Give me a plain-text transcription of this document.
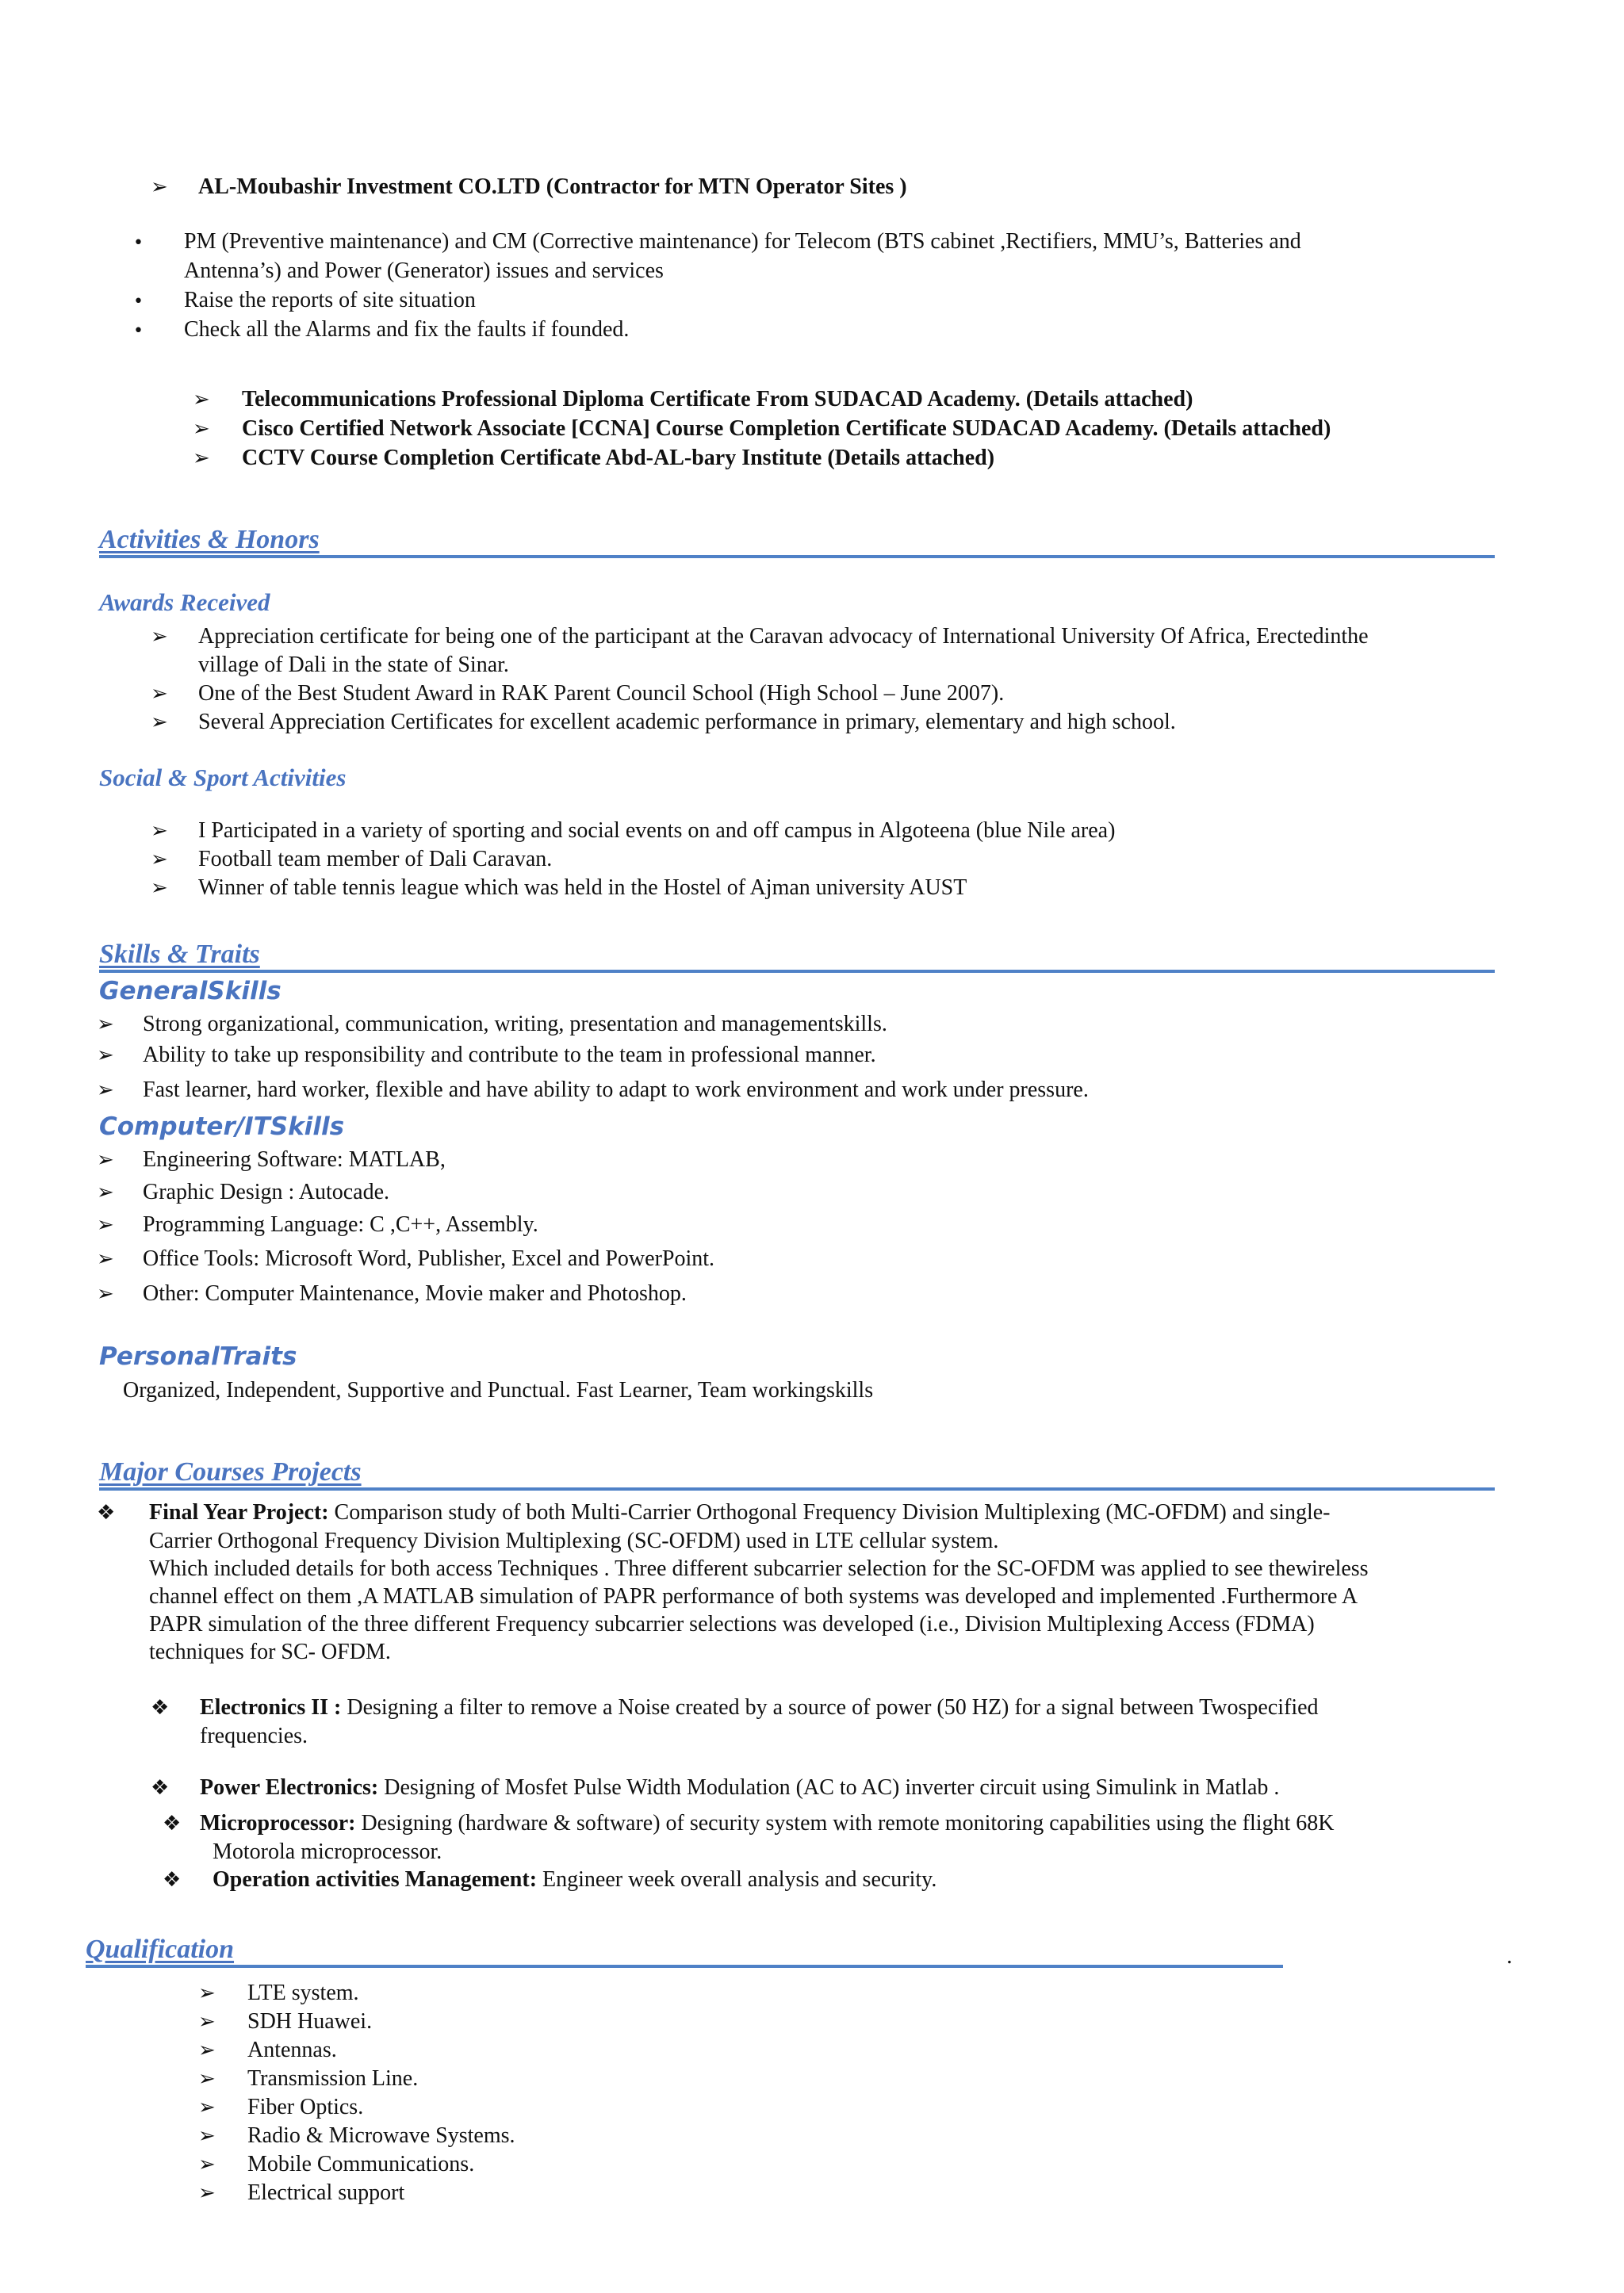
➢ AL-Moubashir Investment CO.LTD (Contractor for MTN Operator Sites )
• PM (Preventive maintenance) and CM (Corrective maintenance) for Telecom (BTS cabinet ,Rectifiers, MMU’s, Batteries and
Antenna’s) and Power (Generator) issues and services
• Raise the reports of site situation
• Check all the Alarms and fix the faults if founded.
➢ Telecommunications Professional Diploma Certificate From SUDACAD Academy. (Details attached)
➢ Cisco Certified Network Associate [CCNA] Course Completion Certificate SUDACAD Academy. (Details attached)
➢ CCTV Course Completion Certificate Abd-AL-bary Institute (Details attached)
Activities & Honors
Awards Received
➢ Appreciation certificate for being one of the participant at the Caravan advocacy of International University Of Africa, Erectedinthe
village of Dali in the state of Sinar.
➢ One of the Best Student Award in RAK Parent Council School (High School – June 2007).
➢ Several Appreciation Certificates for excellent academic performance in primary, elementary and high school.
Social & Sport Activities
➢ I Participated in a variety of sporting and social events on and off campus in Algoteena (blue Nile area)
➢ Football team member of Dali Caravan.
➢ Winner of table tennis league which was held in the Hostel of Ajman university AUST
Skills & Traits
GeneralSkills
➢ Strong organizational, communication, writing, presentation and managementskills.
➢ Ability to take up responsibility and contribute to the team in professional manner.
➢ Fast learner, hard worker, flexible and have ability to adapt to work environment and work under pressure.
Computer/ITSkills
➢ Engineering Software: MATLAB,
➢ Graphic Design : Autocade.
➢ Programming Language: C ,C++, Assembly.
➢ Office Tools: Microsoft Word, Publisher, Excel and PowerPoint.
➢ Other: Computer Maintenance, Movie maker and Photoshop.
PersonalTraits
Organized, Independent, Supportive and Punctual. Fast Learner, Team workingskills
Major Courses Projects
❖ Final Year Project: Comparison study of both Multi-Carrier Orthogonal Frequency Division Multiplexing (MC-OFDM) and single-
Carrier Orthogonal Frequency Division Multiplexing (SC-OFDM) used in LTE cellular system.
Which included details for both access Techniques . Three different subcarrier selection for the SC-OFDM was applied to see thewireless
channel effect on them ,A MATLAB simulation of PAPR performance of both systems was developed and implemented .Furthermore A
PAPR simulation of the three different Frequency subcarrier selections was developed (i.e., Division Multiplexing Access (FDMA)
techniques for SC- OFDM.
❖ Electronics II : Designing a filter to remove a Noise created by a source of power (50 HZ) for a signal between Twospecified
frequencies.
❖ Power Electronics: Designing of Mosfet Pulse Width Modulation (AC to AC) inverter circuit using Simulink in Matlab .
❖ Microprocessor: Designing (hardware & software) of security system with remote monitoring capabilities using the flight 68K
Motorola microprocessor.
❖ Operation activities Management: Engineer week overall analysis and security.
Qualification	.
➢ LTE system.
➢ SDH Huawei.
➢ Antennas.
➢ Transmission Line.
➢ Fiber Optics.
➢ Radio & Microwave Systems.
➢ Mobile Communications.
➢ Electrical support
